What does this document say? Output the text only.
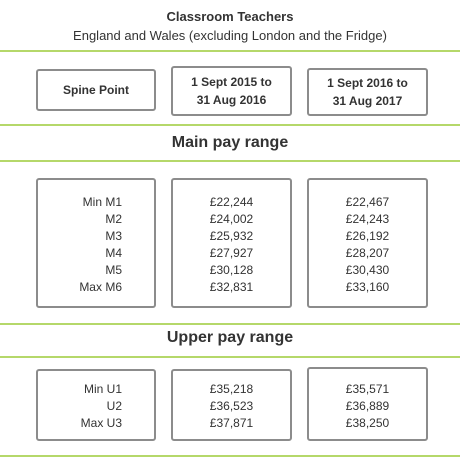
Classroom Teachers
England and Wales (excluding London and the Fridge)
Spine Point
1 Sept 2015 to
31 Aug 2016
1 Sept 2016 to
31 Aug 2017
Main pay range
Min M1
M2
M3
M4
M5
Max M6
£22,244
£24,002
£25,932
£27,927
£30,128
£32,831
£22,467
£24,243
£26,192
£28,207
£30,430
£33,160
Upper pay range
Min U1
U2
Max U3
£35,218
£36,523
£37,871
£35,571
£36,889
£38,250
